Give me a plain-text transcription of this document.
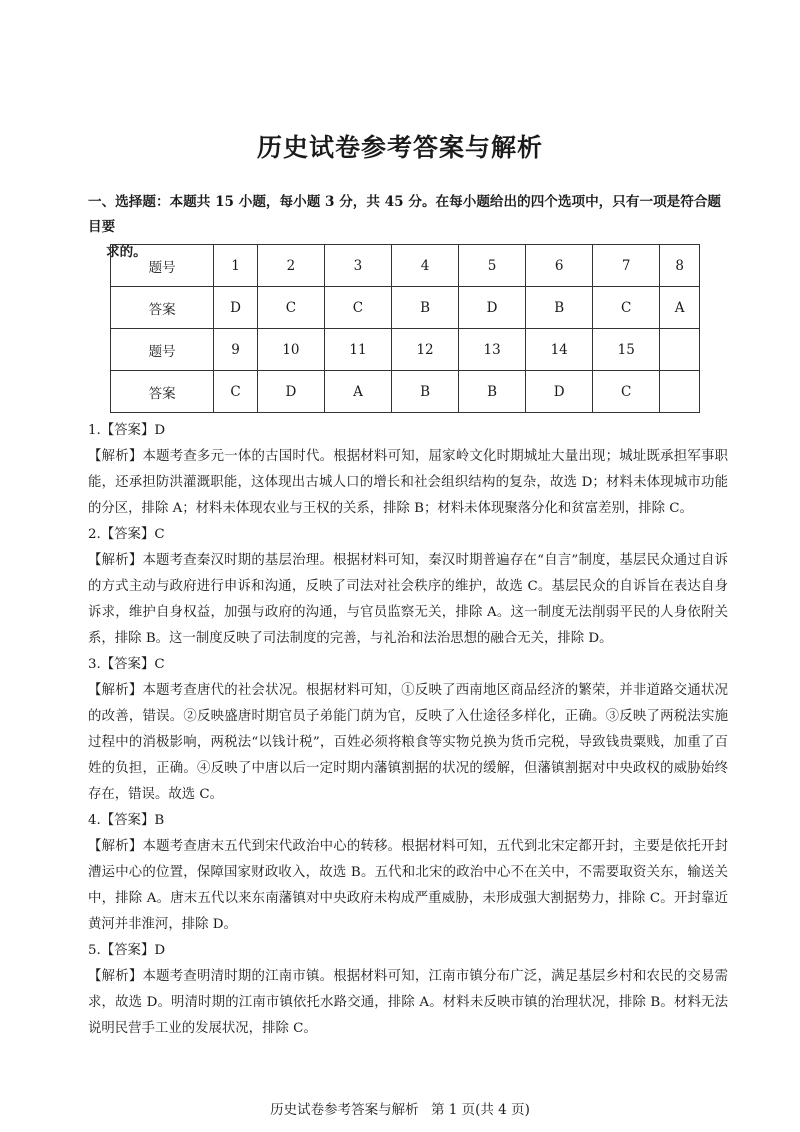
历史试卷参考答案与解析
一、选择题：本题共 15 小题，每小题 3 分，共 45 分。在每小题给出的四个选项中，只有一项是符合题目要
求的。
题号	1	2	3	4	5	6	7	8
答案	D	C	C	B	D	B	C	A
题号	9	10	11	12	13	14	15	
答案	C	D	A	B	B	D	C	

1.【答案】D

【解析】本题考查多元一体的古国时代。根据材料可知，屈家岭文化时期城址大量出现；城址既承担军事职能，还承担防洪灌溉职能，这体现出古城人口的增长和社会组织结构的复杂，故选 D；材料未体现城市功能的分区，排除 A；材料未体现农业与王权的关系，排除 B；材料未体现聚落分化和贫富差别，排除 C。

2.【答案】C

【解析】本题考查秦汉时期的基层治理。根据材料可知，秦汉时期普遍存在“自言”制度，基层民众通过自诉的方式主动与政府进行申诉和沟通，反映了司法对社会秩序的维护，故选 C。基层民众的自诉旨在表达自身诉求，维护自身权益，加强与政府的沟通，与官员监察无关，排除 A。这一制度无法削弱平民的人身依附关系，排除 B。这一制度反映了司法制度的完善，与礼治和法治思想的融合无关，排除 D。

3.【答案】C

【解析】本题考查唐代的社会状况。根据材料可知，①反映了西南地区商品经济的繁荣，并非道路交通状况的改善，错误。②反映盛唐时期官员子弟能门荫为官，反映了入仕途径多样化，正确。③反映了两税法实施过程中的消极影响，两税法“以钱计税”，百姓必须将粮食等实物兑换为货币完税，导致钱贵粟贱，加重了百姓的负担，正确。④反映了中唐以后一定时期内藩镇割据的状况的缓解，但藩镇割据对中央政权的威胁始终存在，错误。故选 C。

4.【答案】B

【解析】本题考查唐末五代到宋代政治中心的转移。根据材料可知，五代到北宋定都开封，主要是依托开封漕运中心的位置，保障国家财政收入，故选 B。五代和北宋的政治中心不在关中，不需要取资关东，输送关中，排除 A。唐末五代以来东南藩镇对中央政府未构成严重威胁，未形成强大割据势力，排除 C。开封靠近黄河并非淮河，排除 D。

5.【答案】D

【解析】本题考查明清时期的江南市镇。根据材料可知，江南市镇分布广泛，满足基层乡村和农民的交易需求，故选 D。明清时期的江南市镇依托水路交通，排除 A。材料未反映市镇的治理状况，排除 B。材料无法说明民营手工业的发展状况，排除 C。

历史试卷参考答案与解析 第 1 页(共 4 页)
